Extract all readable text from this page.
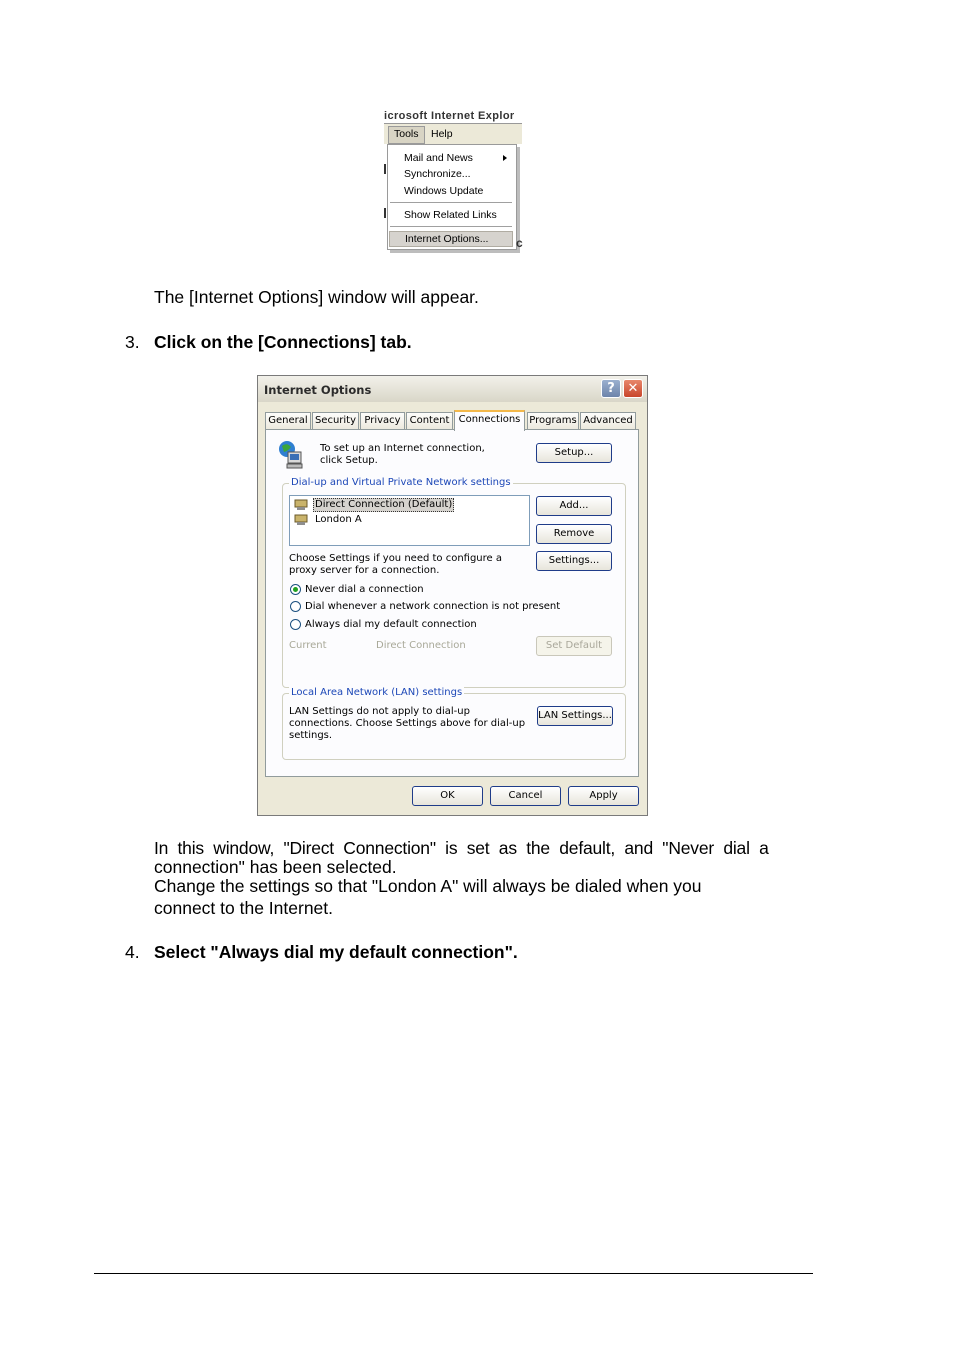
icrosoft Internet Explor
Tools	Help
Mail and News
Synchronize...
Windows Update
Show Related Links
Internet Options...	c
The [Internet Options] window will appear.
3. Click on the [Connections] tab.
Internet Options	? ✕
General Security Privacy Content Connections Programs Advanced
To set up an Internet connection, click Setup.
Setup...
Dial-up and Virtual Private Network settings
Direct Connection (Default)
London A
Add...
Remove
Choose Settings if you need to configure a proxy server for a connection.
Settings...
Never dial a connection
Dial whenever a network connection is not present
Always dial my default connection
Current	Direct Connection	Set Default
Local Area Network (LAN) settings
LAN Settings do not apply to dial-up connections. Choose Settings above for dial-up settings.
LAN Settings...
OK	Cancel	Apply
In  this  window,  "Direct  Connection"  is  set  as  the  default,  and  "Never  dial  a
connection" has been selected.
Change the settings so that "London A" will always be dialed when you
connect to the Internet.
4. Select "Always dial my default connection".
